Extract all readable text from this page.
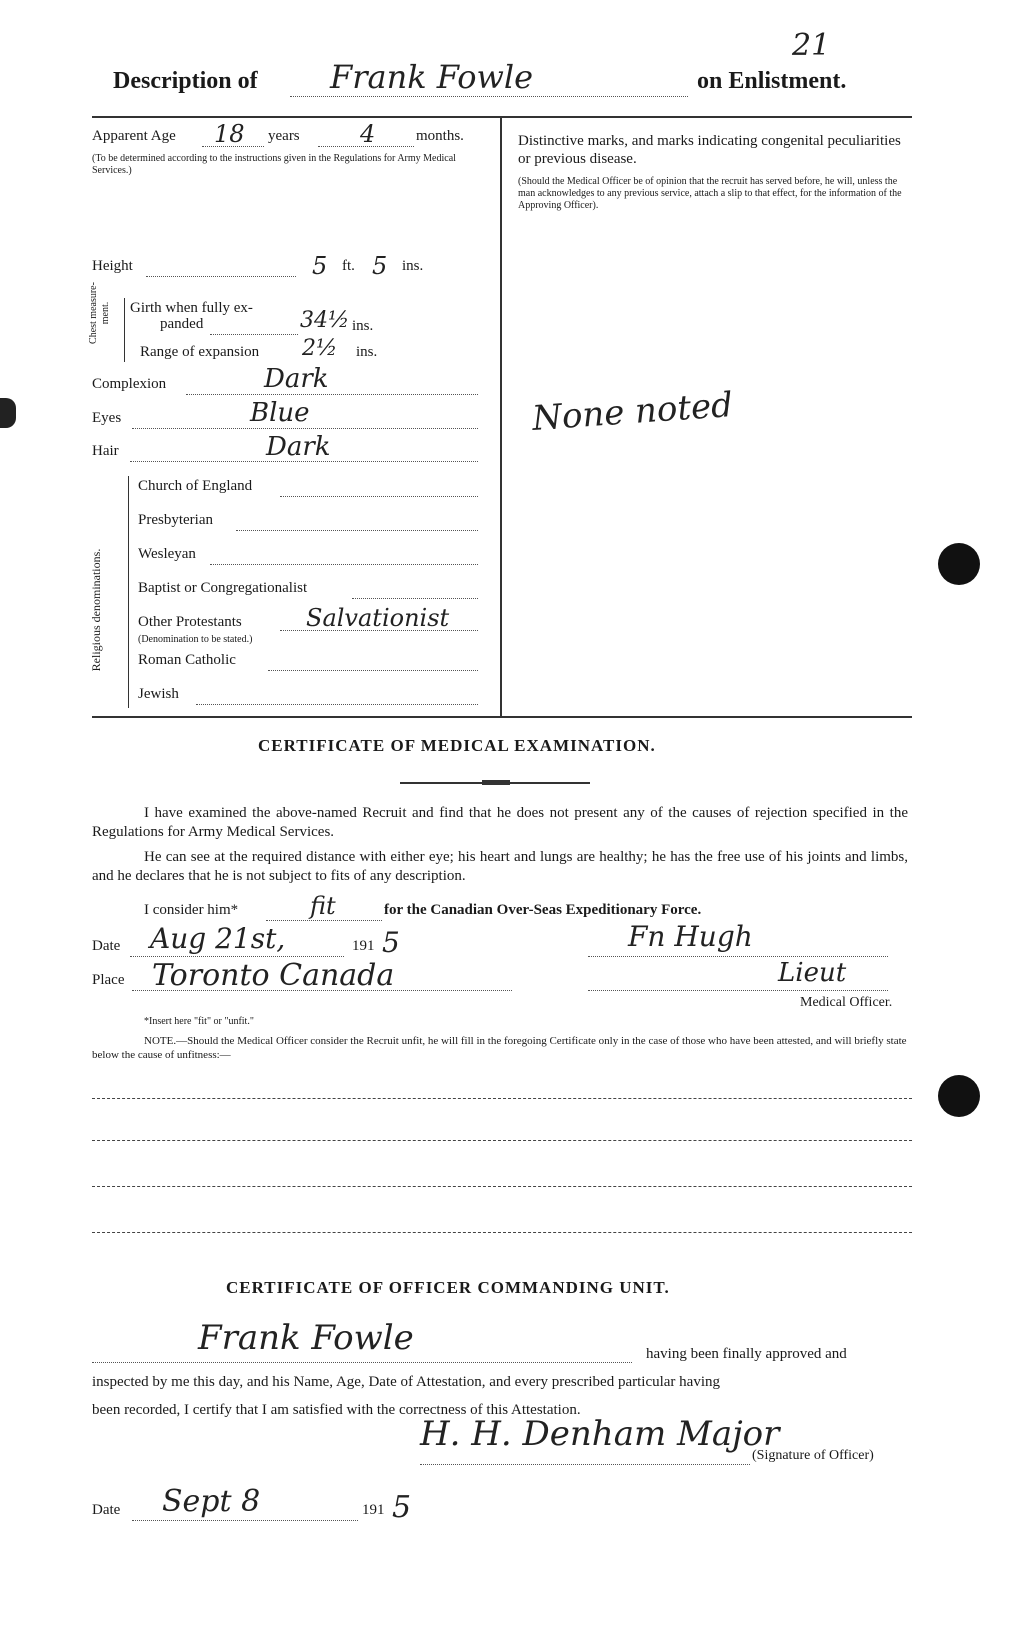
21
Description of Frank Fowle	on Enlistment.
Apparent Age 18 years	4	months.
(To be determined according to the instructions given in the Regulations for Army Medical Services.)
Height	5 ft. 5 ins.
Chest measure-ment. Girth when fully ex-
panded	34½ ins.
Range of expansion 2½ ins.
Complexion	Dark
Eyes	Blue
Hair	Dark
Religious denominations.
Church of England
Presbyterian
Wesleyan
Baptist or Congregationalist
Other Protestants	Salvationist
(Denomination to be stated.)
Roman Catholic
Jewish
Distinctive marks, and marks indicating congenital peculiarities or previous disease.
(Should the Medical Officer be of opinion that the recruit has served before, he will, unless the man acknowledges to any previous service, attach a slip to that effect, for the information of the Approving Officer).
None noted
CERTIFICATE OF MEDICAL EXAMINATION.
I have examined the above-named Recruit and find that he does not present any of the causes of rejection specified in the Regulations for Army Medical Services.
He can see at the required distance with either eye; his heart and lungs are healthy; he has the free use of his joints and limbs, and he declares that he is not subject to fits of any description.
I consider him*	fit	for the Canadian Over-Seas Expeditionary Force.
Date Aug 21st,	191 5	Fn Hugh
Place Toronto Canada	Lieut
Medical Officer.
*Insert here "fit" or "unfit."
NOTE.—Should the Medical Officer consider the Recruit unfit, he will fill in the foregoing Certificate only in the case of those who have been attested, and will briefly state below the cause of unfitness:—
CERTIFICATE OF OFFICER COMMANDING UNIT.
Frank Fowle	having been finally approved and
inspected by me this day, and his Name, Age, Date of Attestation, and every prescribed particular having
been recorded, I certify that I am satisfied with the correctness of this Attestation.
H. H. Denham Major
(Signature of Officer)
Date Sept 8	191 5
